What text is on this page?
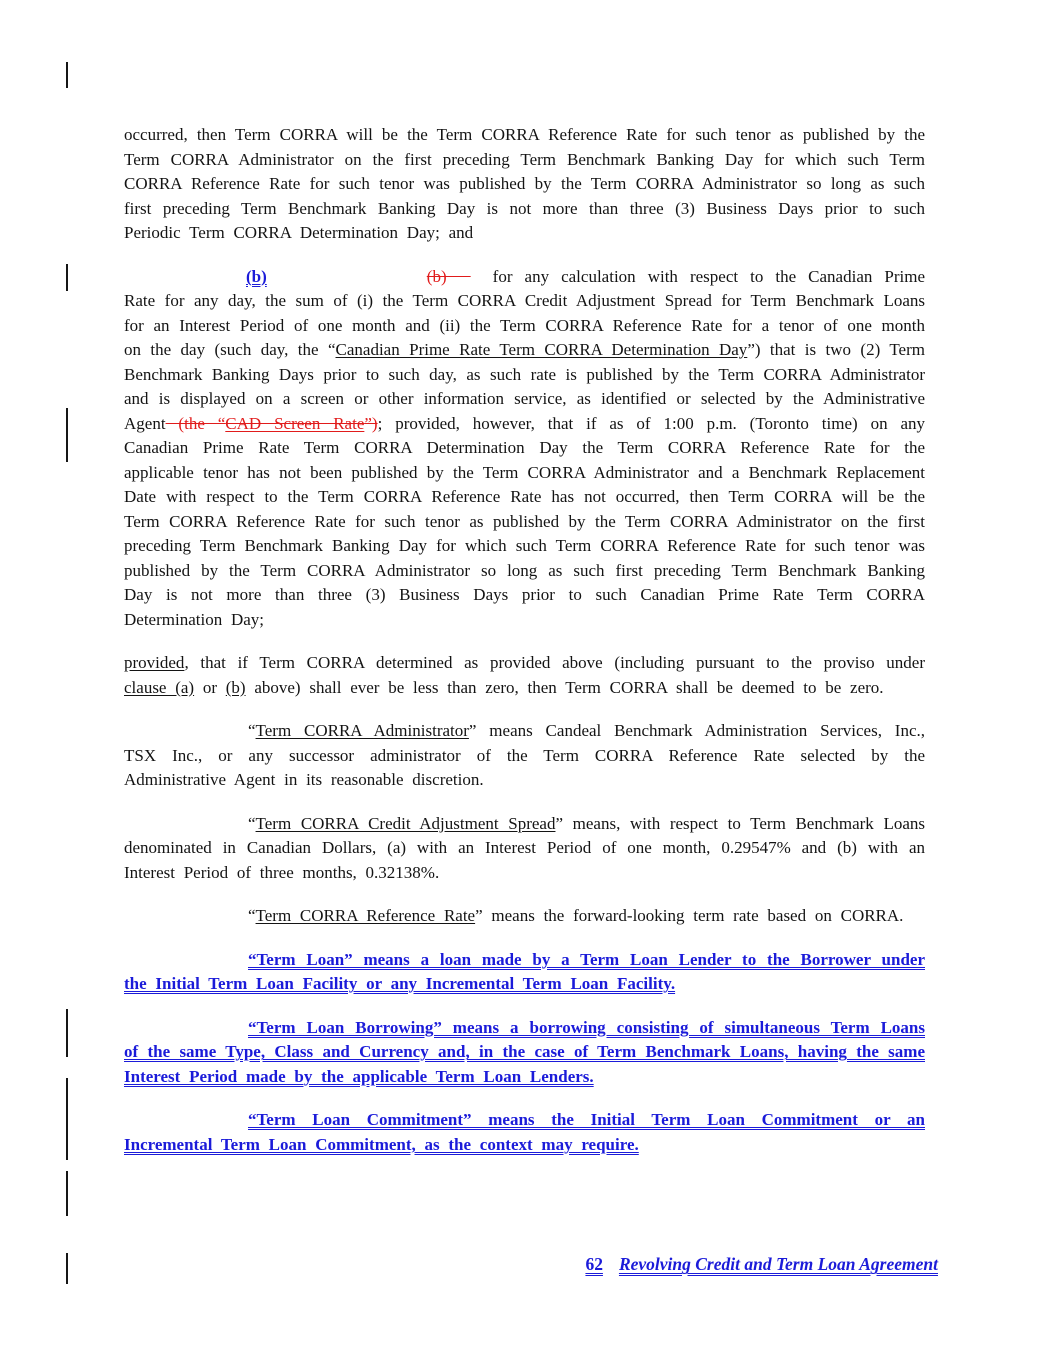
occurred, then Term CORRA will be the Term CORRA Reference Rate for such tenor as published by the Term CORRA Administrator on the first preceding Term Benchmark Banking Day for which such Term CORRA Reference Rate for such tenor was published by the Term CORRA Administrator so long as such first preceding Term Benchmark Banking Day is not more than three (3) Business Days prior to such Periodic Term CORRA Determination Day; and

(b)	(b)  for any calculation with respect to the Canadian Prime Rate for any day, the sum of (i) the Term CORRA Credit Adjustment Spread for Term Benchmark Loans for an Interest Period of one month and (ii) the Term CORRA Reference Rate for a tenor of one month on the day (such day, the “Canadian Prime Rate Term CORRA Determination Day”) that is two (2) Term Benchmark Banking Days prior to such day, as such rate is published by the Term CORRA Administrator and is displayed on a screen or other information service, as identified or selected by the Administrative Agent (the “CAD Screen Rate”); provided, however, that if as of 1:00 p.m. (Toronto time) on any Canadian Prime Rate Term CORRA Determination Day the Term CORRA Reference Rate for the applicable tenor has not been published by the Term CORRA Administrator and a Benchmark Replacement Date with respect to the Term CORRA Reference Rate has not occurred, then Term CORRA will be the Term CORRA Reference Rate for such tenor as published by the Term CORRA Administrator on the first preceding Term Benchmark Banking Day for which such Term CORRA Reference Rate for such tenor was published by the Term CORRA Administrator so long as such first preceding Term Benchmark Banking Day is not more than three (3) Business Days prior to such Canadian Prime Rate Term CORRA Determination Day;

provided, that if Term CORRA determined as provided above (including pursuant to the proviso under clause (a) or (b) above) shall ever be less than zero, then Term CORRA shall be deemed to be zero.

“Term CORRA Administrator” means Candeal Benchmark Administration Services, Inc., TSX Inc., or any successor administrator of the Term CORRA Reference Rate selected by the Administrative Agent in its reasonable discretion.

“Term CORRA Credit Adjustment Spread” means, with respect to Term Benchmark Loans denominated in Canadian Dollars, (a) with an Interest Period of one month, 0.29547% and (b) with an Interest Period of three months, 0.32138%.

“Term CORRA Reference Rate” means the forward-looking term rate based on CORRA.

“Term Loan” means a loan made by a Term Loan Lender to the Borrower under the Initial Term Loan Facility or any Incremental Term Loan Facility.

“Term Loan Borrowing” means a borrowing consisting of simultaneous Term Loans of the same Type, Class and Currency and, in the case of Term Benchmark Loans, having the same Interest Period made by the applicable Term Loan Lenders.

“Term Loan Commitment” means the Initial Term Loan Commitment or an Incremental Term Loan Commitment, as the context may require.

62 Revolving Credit and Term Loan Agreement
